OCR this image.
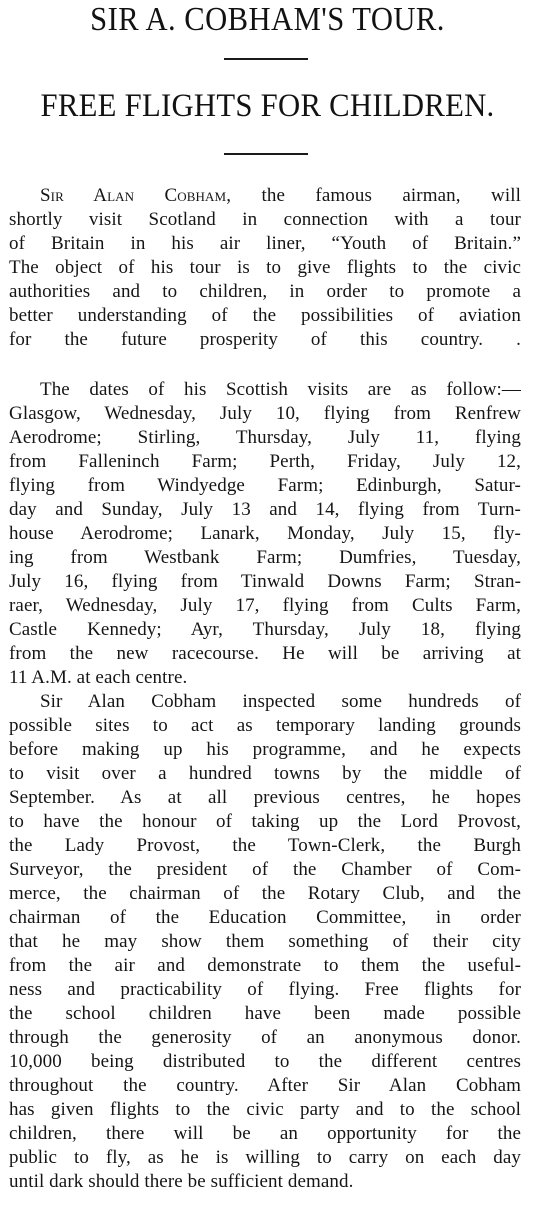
SIR A. COBHAM'S TOUR.
FREE FLIGHTS FOR CHILDREN.
Sir Alan Cobham, the famous airman, will
shortly visit Scotland in connection with a tour
of Britain in his air liner, “Youth of Britain.”
The object of his tour is to give flights to the civic
authorities and to children, in order to promote a
better understanding of the possibilities of aviation
for the future prosperity of this country. .
The dates of his Scottish visits are as follow:—
Glasgow, Wednesday, July 10, flying from Renfrew
Aerodrome; Stirling, Thursday, July 11, flying
from Falleninch Farm; Perth, Friday, July 12,
flying from Windyedge Farm; Edinburgh, Satur-
day and Sunday, July 13 and 14, flying from Turn-
house Aerodrome; Lanark, Monday, July 15, fly-
ing from Westbank Farm; Dumfries, Tuesday,
July 16, flying from Tinwald Downs Farm; Stran-
raer, Wednesday, July 17, flying from Cults Farm,
Castle Kennedy; Ayr, Thursday, July 18, flying
from the new racecourse. He will be arriving at
11 A.M. at each centre.
Sir Alan Cobham inspected some hundreds of
possible sites to act as temporary landing grounds
before making up his programme, and he expects
to visit over a hundred towns by the middle of
September. As at all previous centres, he hopes
to have the honour of taking up the Lord Provost,
the Lady Provost, the Town-Clerk, the Burgh
Surveyor, the president of the Chamber of Com-
merce, the chairman of the Rotary Club, and the
chairman of the Education Committee, in order
that he may show them something of their city
from the air and demonstrate to them the useful-
ness and practicability of flying. Free flights for
the school children have been made possible
through the generosity of an anonymous donor.
10,000 being distributed to the different centres
throughout the country. After Sir Alan Cobham
has given flights to the civic party and to the school
children, there will be an opportunity for the
public to fly, as he is willing to carry on each day
until dark should there be sufficient demand.
